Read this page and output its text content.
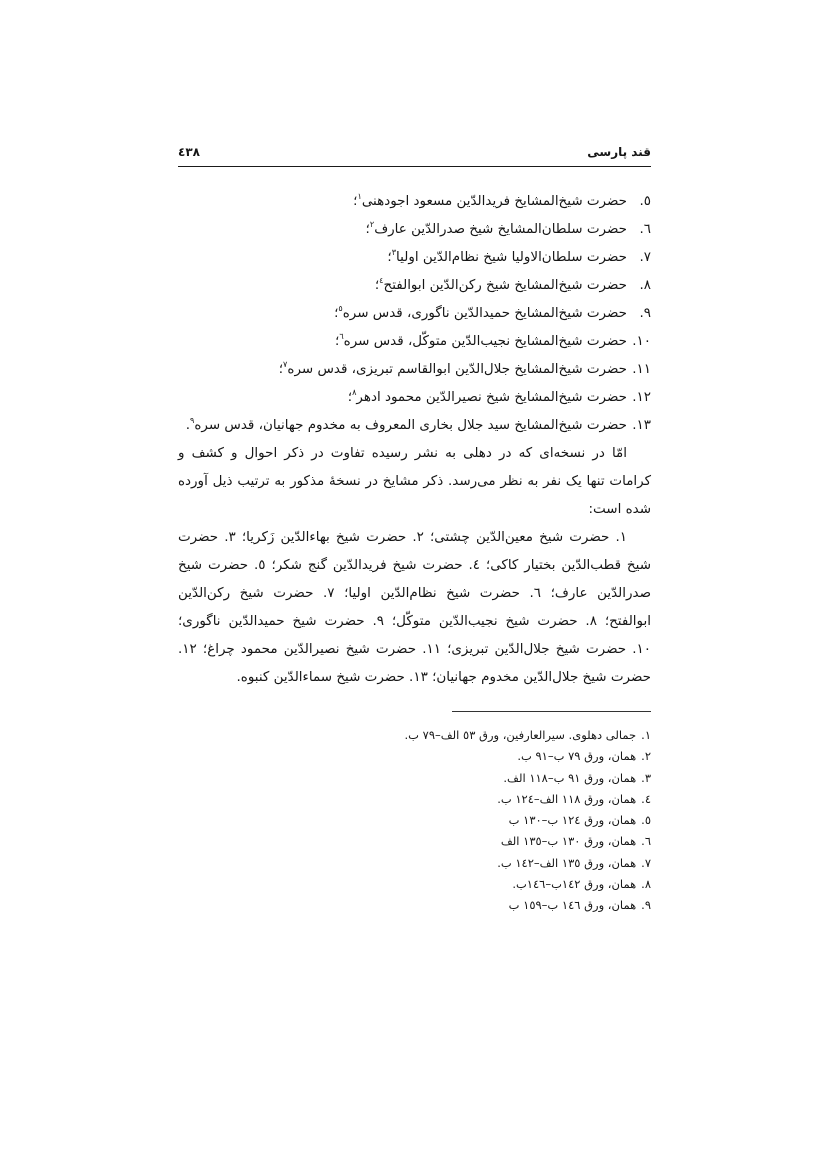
قند پارسی
٤٣٨
٥.حضرت شیخ‌المشایخ فریدالدّین مسعود اجودهنی$^١$؛
٦.حضرت سلطان‌المشایخ شیخ صدرالدّین عارف$^٢$؛
٧.حضرت سلطان‌الاولیا شیخ نظام‌الدّین اولیا$^٣$؛
٨.حضرت شیخ‌المشایخ شیخ رکن‌الدّین ابوالفتح$^٤$؛
٩.حضرت شیخ‌المشایخ حمیدالدّین ناگوری، قدس سره$^٥$؛
١٠.حضرت شیخ‌المشایخ نجیب‌الدّین متوکّل، قدس سره$^٦$؛
١١.حضرت شیخ‌المشایخ جلال‌الدّین ابوالقاسم تبریزی، قدس سره$^٧$؛
١٢.حضرت شیخ‌المشایخ شیخ نصیرالدّین محمود ادهر$^٨$؛
١٣.حضرت شیخ‌المشایخ سید جلال بخاری المعروف به مخدوم جهانیان، قدس سره$^٩$.
امّا در نسخه‌ای که در دهلی به نشر رسیده تفاوت در ذکر احوال و کشف و
کرامات تنها یک نفر به نظر می‌رسد. ذکر مشایخ در نسخهٔ مذکور به ترتیب ذیل آورده
شده است:
١. حضرت شیخ معین‌الدّین چشتی؛ ٢. حضرت شیخ بهاءالدّین زَکریا؛ ٣. حضرت
شیخ قطب‌الدّین بختیار کاکی؛ ٤. حضرت شیخ فریدالدّین گنج شکر؛ ٥. حضرت شیخ
صدرالدّین عارف؛ ٦. حضرت شیخ نظام‌الدّین اولیا؛ ٧. حضرت شیخ رکن‌الدّین
ابوالفتح؛ ٨. حضرت شیخ نجیب‌الدّین متوکّل؛ ٩. حضرت شیخ حمیدالدّین ناگوری؛
١٠. حضرت شیخ جلال‌الدّین تبریزی؛ ١١. حضرت شیخ نصیرالدّین محمود چراغ؛ ١٢.
حضرت شیخ جلال‌الدّین مخدوم جهانیان؛ ١٣. حضرت شیخ سماءالدّین کنبوه.
١.جمالی دهلوی. سیرالعارفین، ورق ٥٣ الف–٧٩ ب.
٢.همان، ورق ٧٩ ب–٩١ ب.
٣.همان، ورق ٩١ ب–١١٨ الف.
٤.همان، ورق ١١٨ الف–١٢٤ ب.
٥.همان، ورق ١٢٤ ب–١٣٠ ب
٦.همان، ورق ١٣٠ ب–١٣٥ الف
٧.همان، ورق ١٣٥ الف–١٤٢ ب.
٨.همان، ورق ١٤٢ب–١٤٦ب.
٩.همان، ورق ١٤٦ ب–١٥٩ ب
